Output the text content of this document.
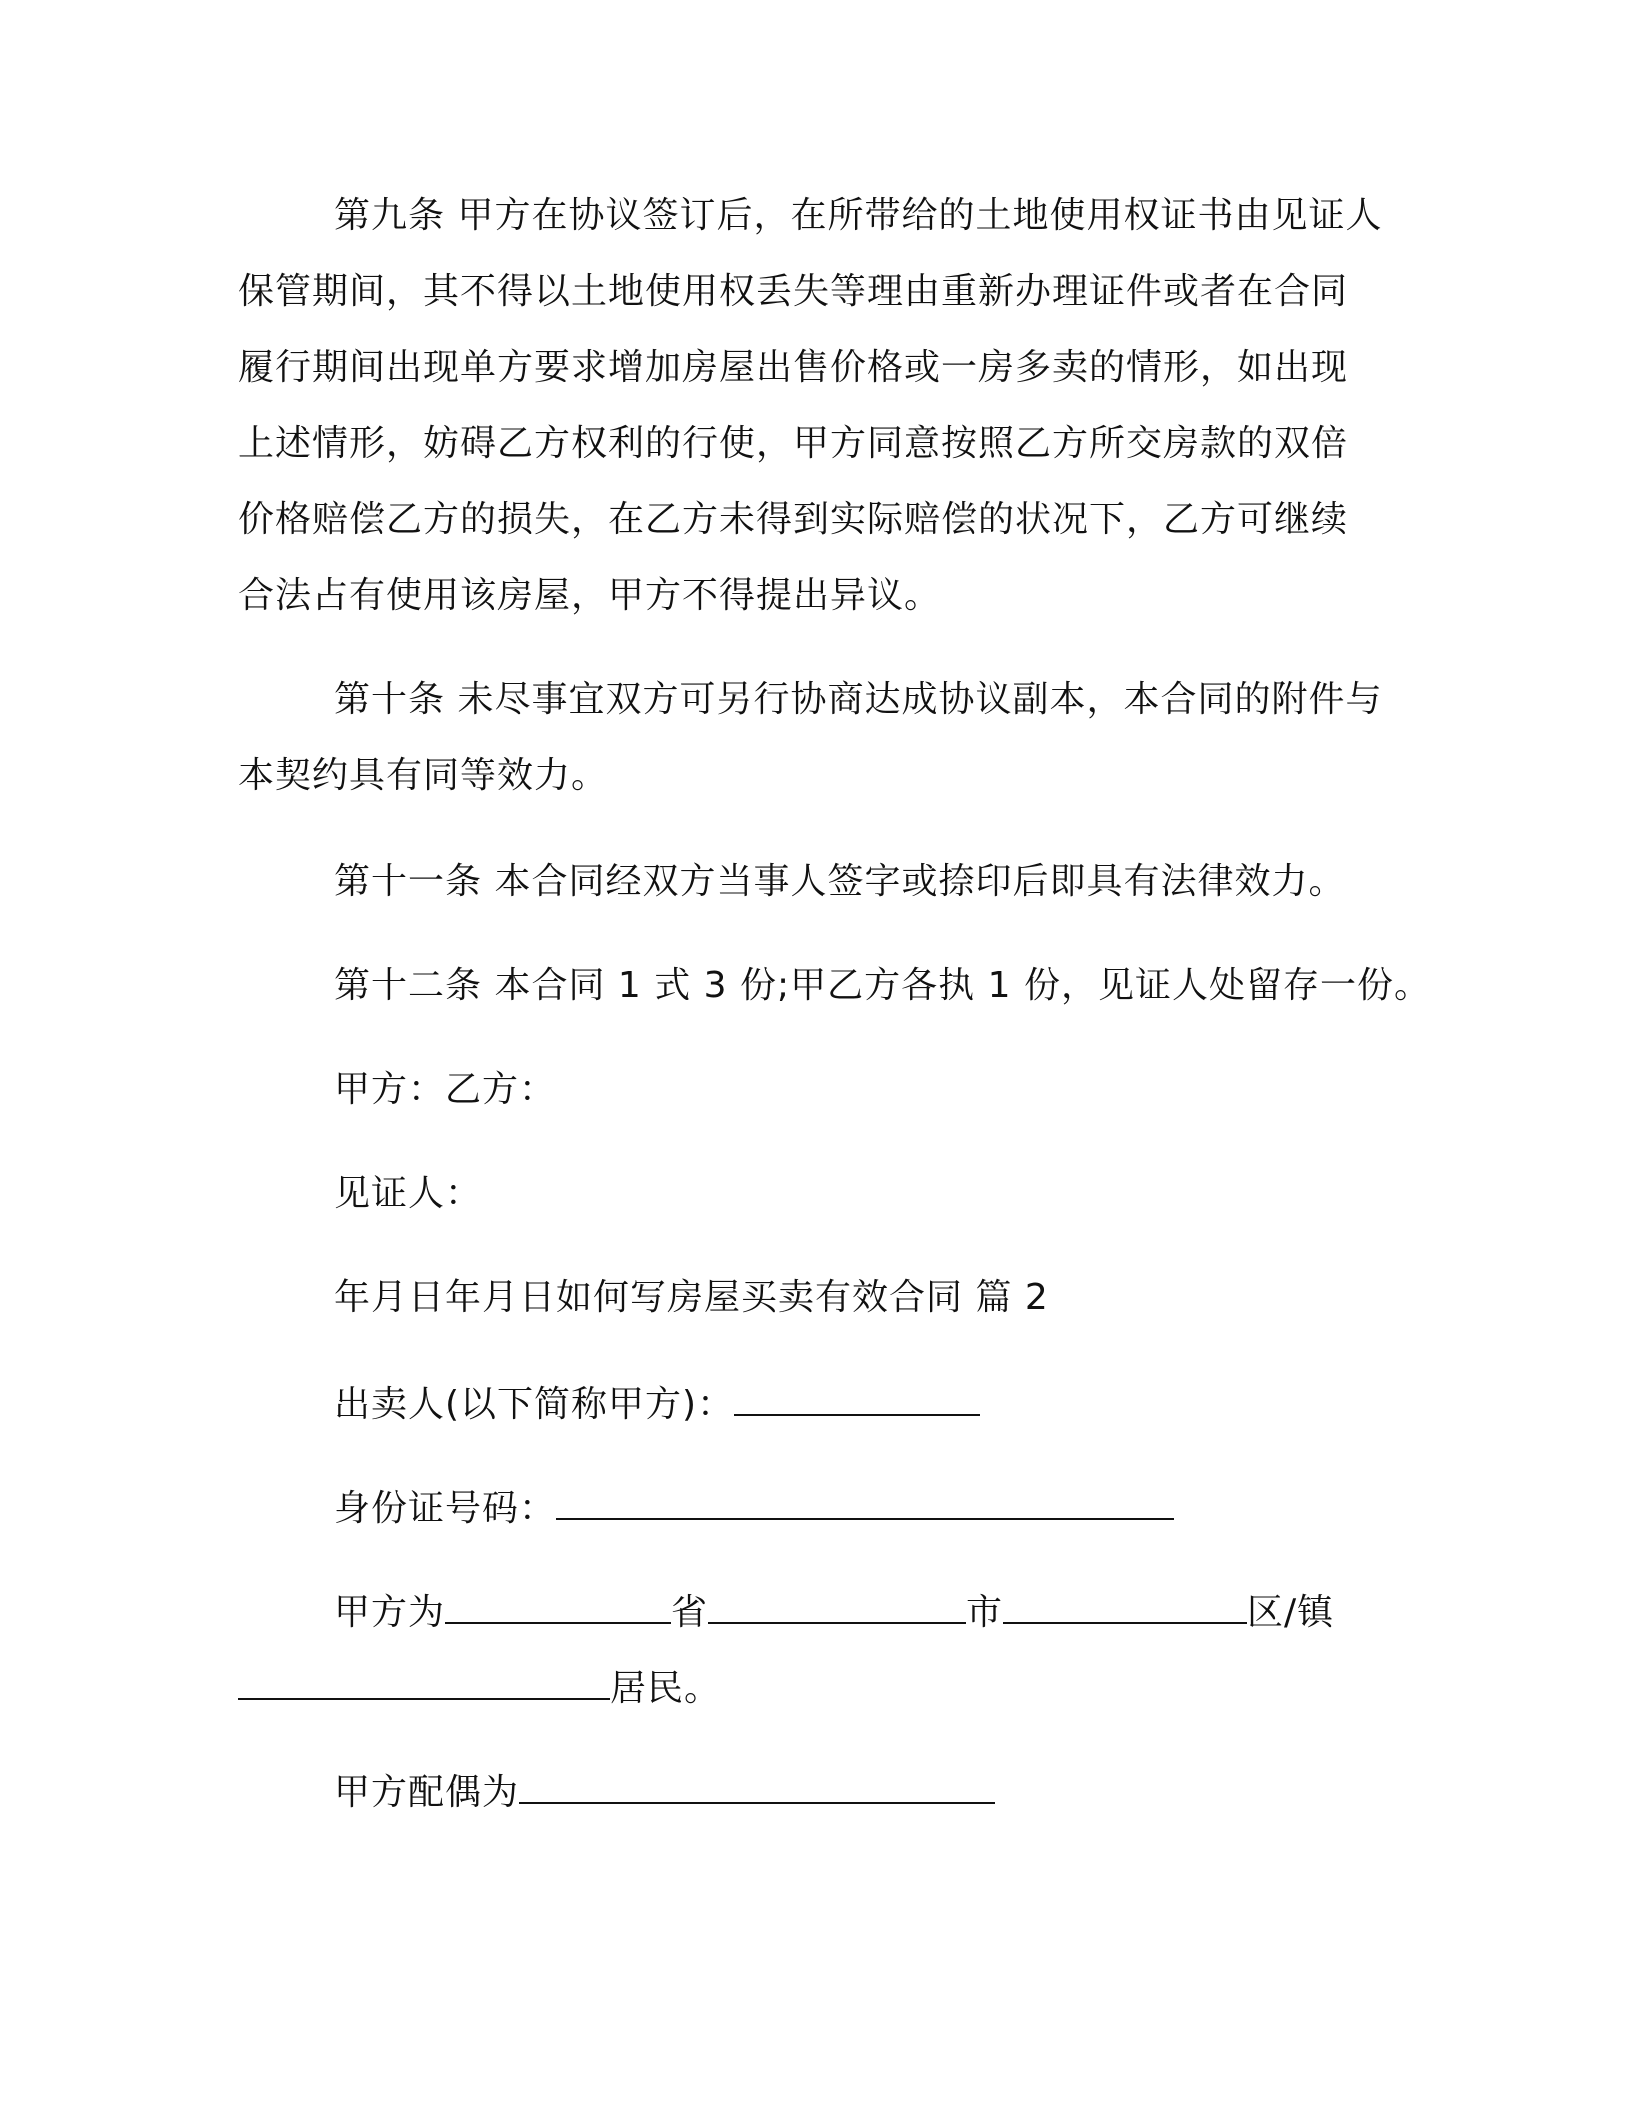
第九条 甲方在协议签订后，在所带给的土地使用权证书由见证人
保管期间，其不得以土地使用权丢失等理由重新办理证件或者在合同
履行期间出现单方要求增加房屋出售价格或一房多卖的情形，如出现
上述情形，妨碍乙方权利的行使，甲方同意按照乙方所交房款的双倍
价格赔偿乙方的损失，在乙方未得到实际赔偿的状况下，乙方可继续
合法占有使用该房屋，甲方不得提出异议。
第十条 未尽事宜双方可另行协商达成协议副本，本合同的附件与
本契约具有同等效力。
第十一条 本合同经双方当事人签字或捺印后即具有法律效力。
第十二条 本合同 1 式 3 份;甲乙方各执 1 份，见证人处留存一份。
甲方：乙方：
见证人：
年月日年月日如何写房屋买卖有效合同 篇 2
出卖人(以下简称甲方)：
身份证号码：
甲方为	省	市	区/镇
居民。
甲方配偶为
